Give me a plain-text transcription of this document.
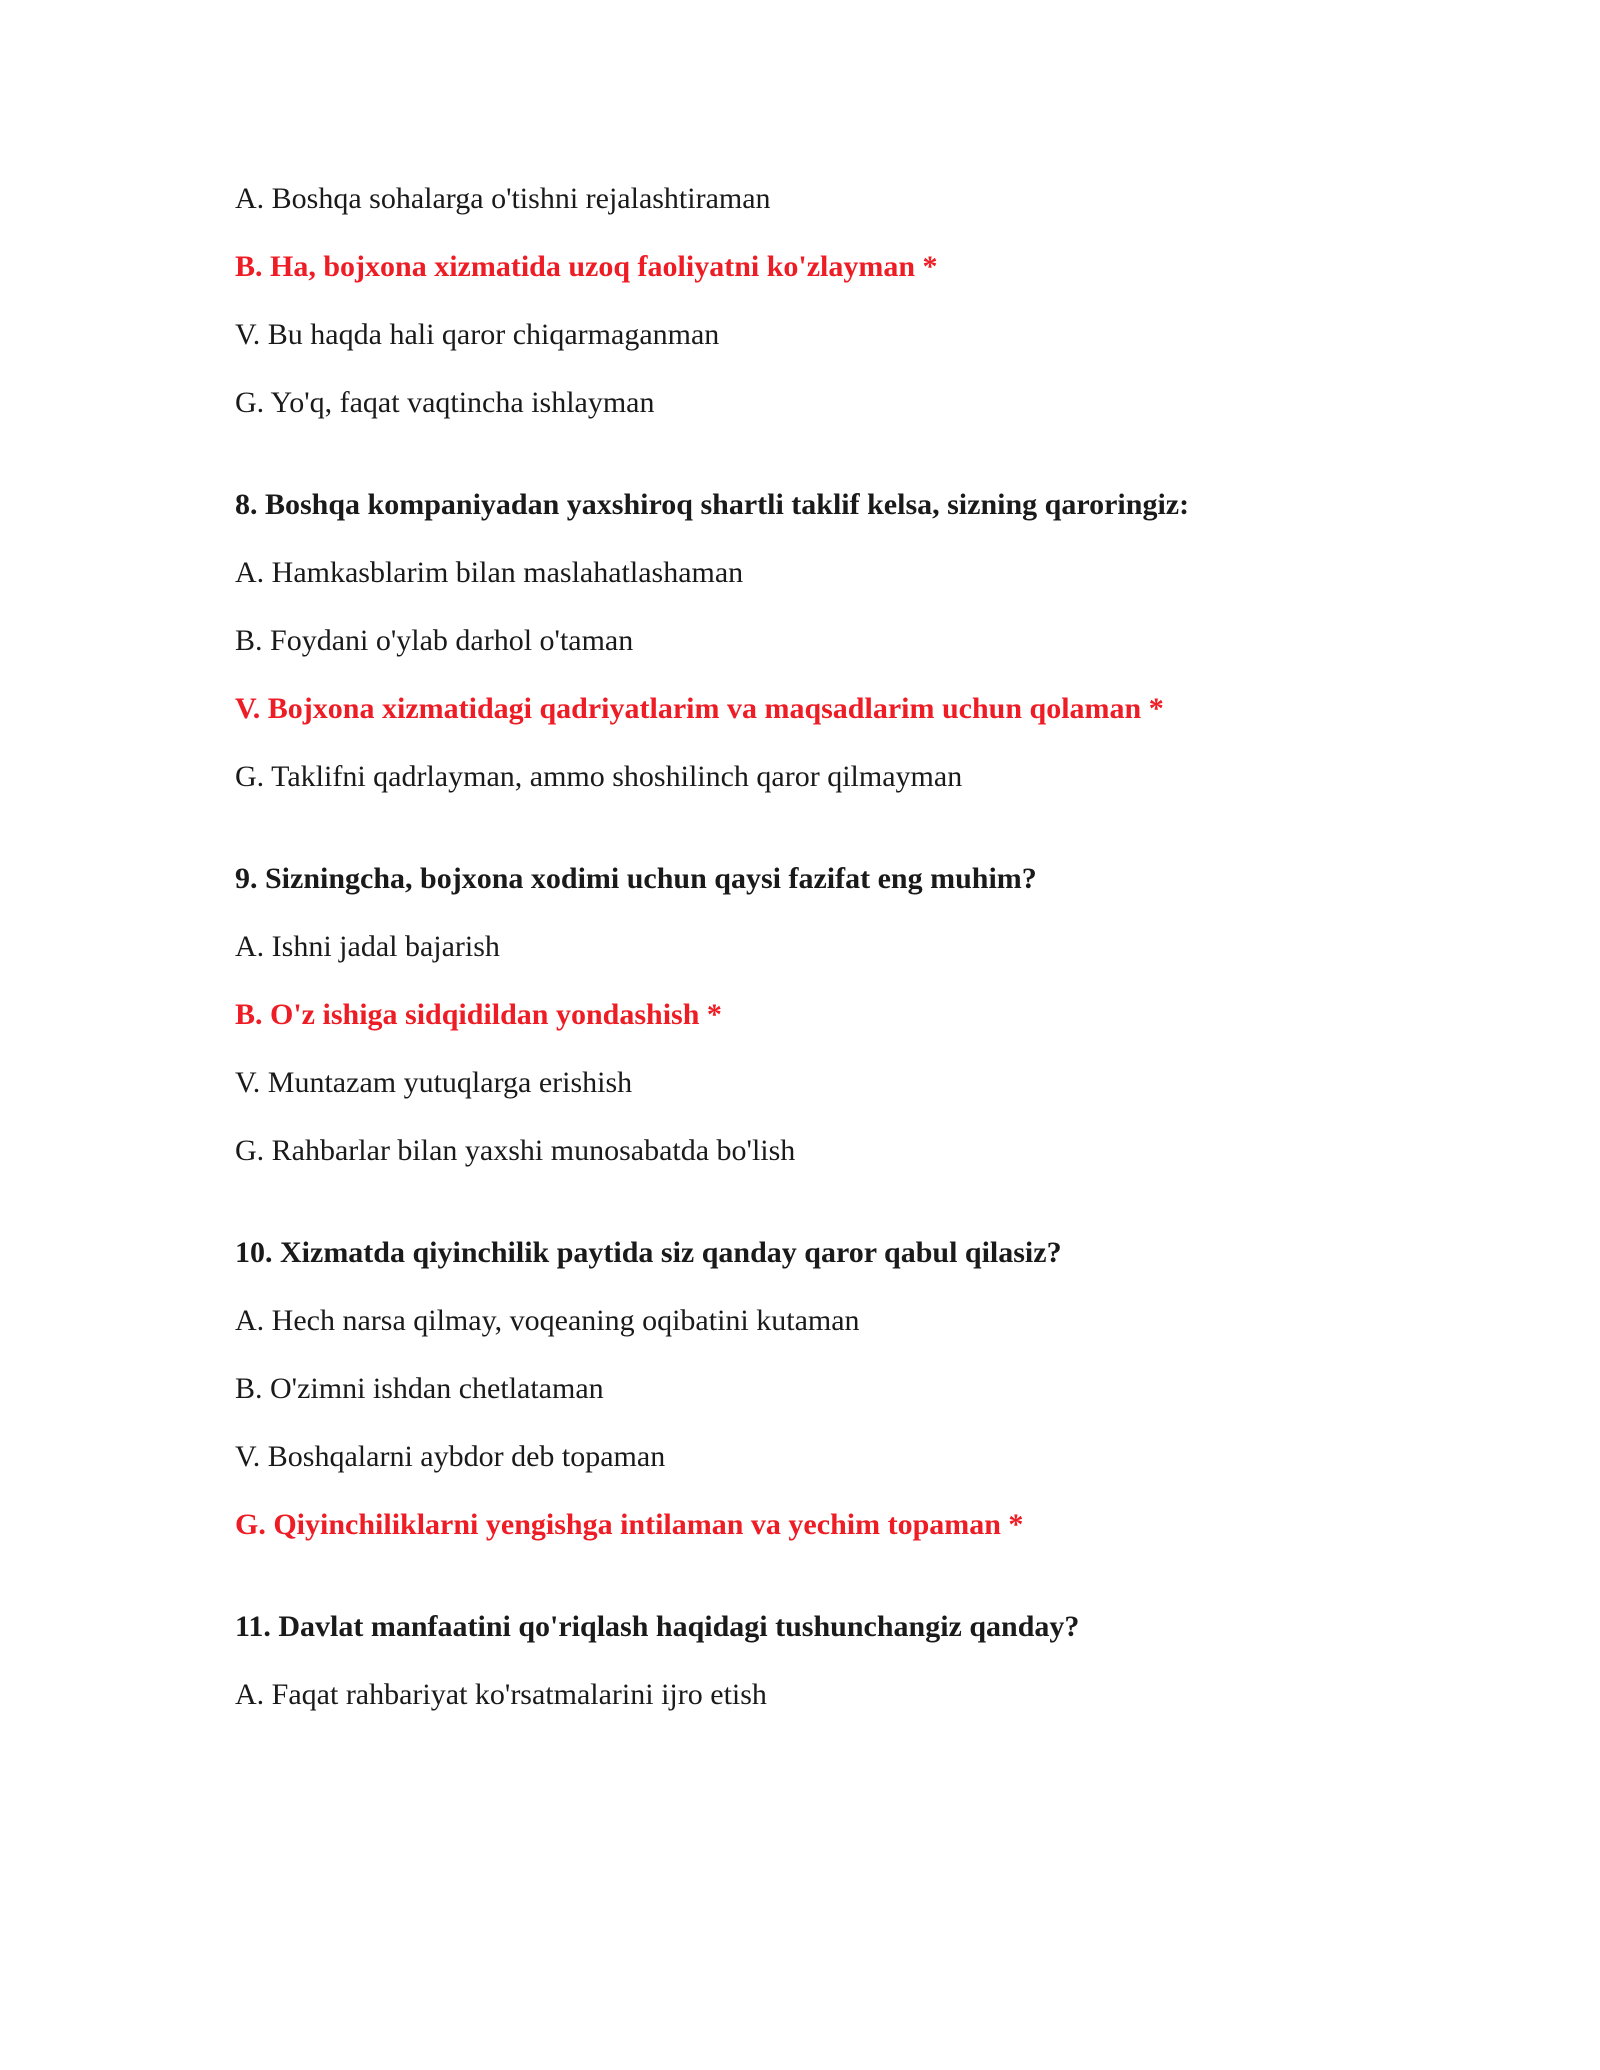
A. Boshqa sohalarga o'tishni rejalashtiraman
B. Ha, bojxona xizmatida uzoq faoliyatni ko'zlayman *
V. Bu haqda hali qaror chiqarmaganman
G. Yo'q, faqat vaqtincha ishlayman
8. Boshqa kompaniyadan yaxshiroq shartli taklif kelsa, sizning qaroringiz:
A. Hamkasblarim bilan maslahatlashaman
B. Foydani o'ylab darhol o'taman
V. Bojxona xizmatidagi qadriyatlarim va maqsadlarim uchun qolaman *
G. Taklifni qadrlayman, ammo shoshilinch qaror qilmayman
9. Sizningcha, bojxona xodimi uchun qaysi fazifat eng muhim?
A. Ishni jadal bajarish
B. O'z ishiga sidqidildan yondashish *
V. Muntazam yutuqlarga erishish
G. Rahbarlar bilan yaxshi munosabatda bo'lish
10. Xizmatda qiyinchilik paytida siz qanday qaror qabul qilasiz?
A. Hech narsa qilmay, voqeaning oqibatini kutaman
B. O'zimni ishdan chetlataman
V. Boshqalarni aybdor deb topaman
G. Qiyinchiliklarni yengishga intilaman va yechim topaman *
11. Davlat manfaatini qo'riqlash haqidagi tushunchangiz qanday?
A. Faqat rahbariyat ko'rsatmalarini ijro etish
